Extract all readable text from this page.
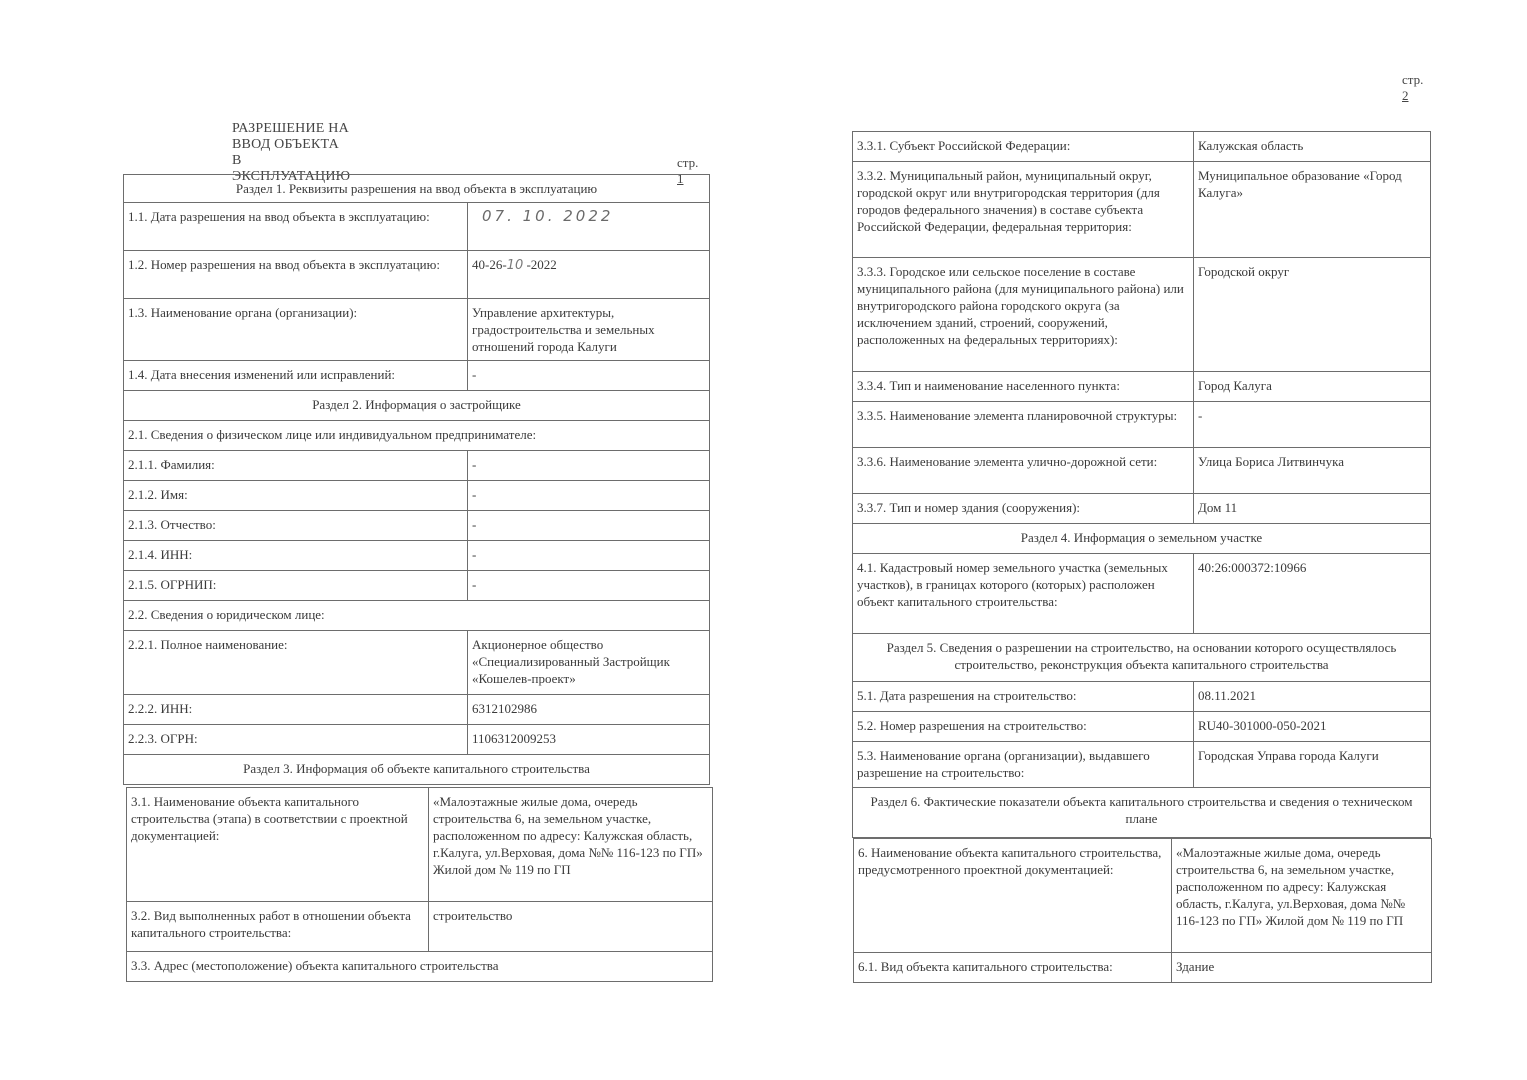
РАЗРЕШЕНИЕ НА ВВОД ОБЪЕКТА В ЭКСПЛУАТАЦИЮ
стр. 1
Раздел 1. Реквизиты разрешения на ввод объекта в эксплуатацию	
1.1. Дата разрешения на ввод объекта в эксплуатацию:	07. 10. 2022
1.2. Номер разрешения на ввод объекта в эксплуатацию:	40-26-10 -2022
1.3. Наименование органа (организации):	Управление архитектуры, градостроительства и земельных отношений города Калуги
1.4. Дата внесения изменений или исправлений:	-
Раздел 2. Информация о застройщике	
2.1. Сведения о физическом лице или индивидуальном предпринимателе:	
2.1.1. Фамилия:	-
2.1.2. Имя:	-
2.1.3. Отчество:	-
2.1.4. ИНН:	-
2.1.5. ОГРНИП:	-
2.2. Сведения о юридическом лице:	
2.2.1. Полное наименование:	Акционерное общество «Специализированный Застройщик «Кошелев-проект»
2.2.2. ИНН:	6312102986
2.2.3. ОГРН:	1106312009253
Раздел 3. Информация об объекте капитального строительства	
3.1. Наименование объекта капитального строительства (этапа) в соответствии с проектной документацией:	«Малоэтажные жилые дома, очередь строительства 6, на земельном участке, расположенном по адресу: Калужская область, г.Калуга, ул.Верховая, дома №№ 116-123 по ГП» Жилой дом № 119 по ГП
3.2. Вид выполненных работ в отношении объекта капитального строительства:	строительство
3.3. Адрес (местоположение) объекта капитального строительства	
стр. 2
3.3.1. Субъект Российской Федерации:	Калужская область
3.3.2. Муниципальный район, муниципальный округ, городской округ или внутригородская территория (для городов федерального значения) в составе субъекта Российской Федерации, федеральная территория:	Муниципальное образование «Город Калуга»
3.3.3. Городское или сельское поселение в составе муниципального района (для муниципального района) или внутригородского района городского округа (за исключением зданий, строений, сооружений, расположенных на федеральных территориях):	Городской округ
3.3.4. Тип и наименование населенного пункта:	Город Калуга
3.3.5. Наименование элемента планировочной структуры:	-
3.3.6. Наименование элемента улично-дорожной сети:	Улица Бориса Литвинчука
3.3.7. Тип и номер здания (сооружения):	Дом 11
Раздел 4. Информация о земельном участке	
4.1. Кадастровый номер земельного участка (земельных участков), в границах которого (которых) расположен объект капитального строительства:	40:26:000372:10966
Раздел 5. Сведения о разрешении на строительство, на основании которого осуществлялось строительство, реконструкция объекта капитального строительства	
5.1. Дата разрешения на строительство:	08.11.2021
5.2. Номер разрешения на строительство:	RU40-301000-050-2021
5.3. Наименование органа (организации), выдавшего разрешение на строительство:	Городская Управа города Калуги
Раздел 6. Фактические показатели объекта капитального строительства и сведения о техническом плане	
6. Наименование объекта капитального строительства, предусмотренного проектной документацией:	«Малоэтажные жилые дома, очередь строительства 6, на земельном участке, расположенном по адресу: Калужская область, г.Калуга, ул.Верховая, дома №№ 116-123 по ГП» Жилой дом № 119 по ГП
6.1. Вид объекта капитального строительства:	Здание
